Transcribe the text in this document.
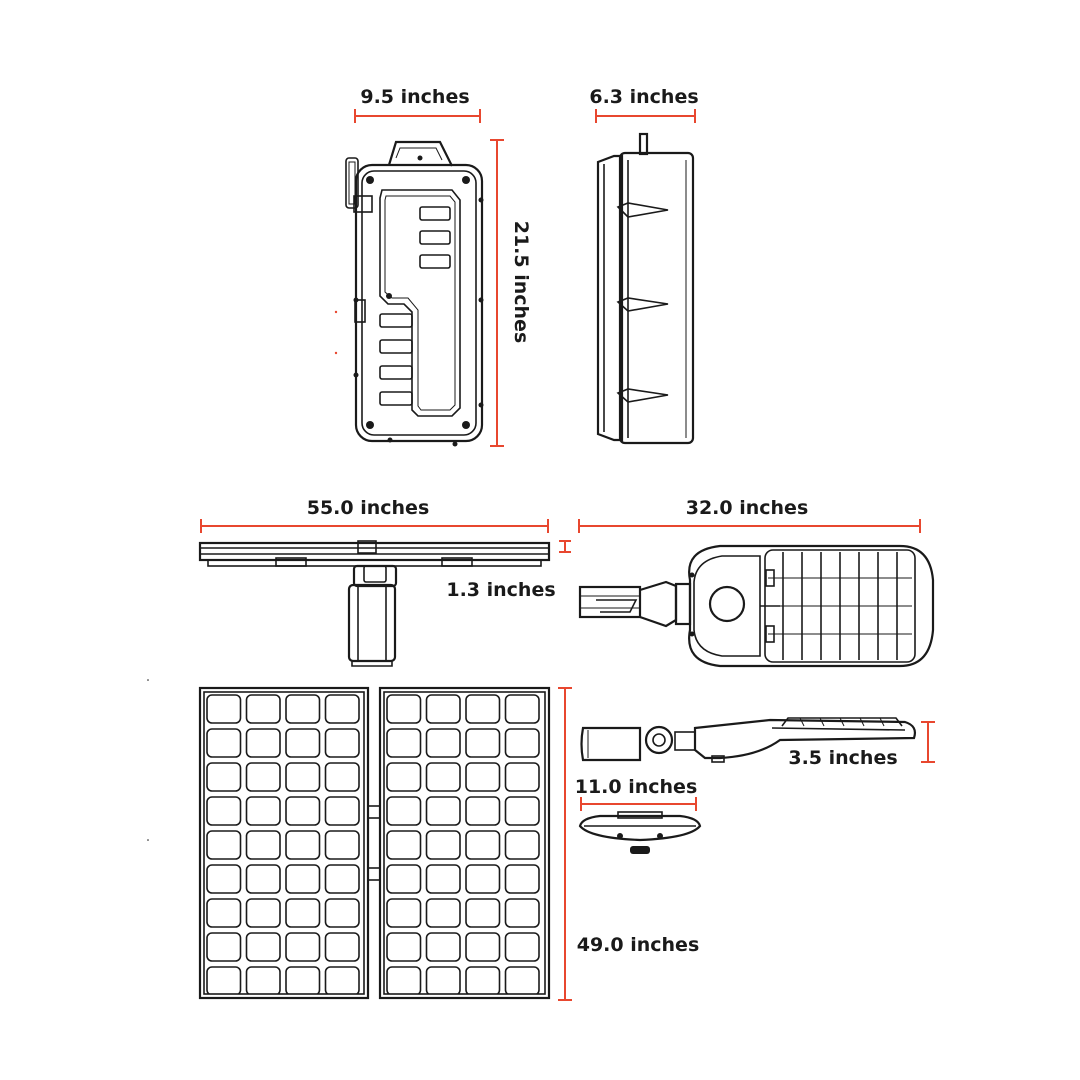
9.5 inches	6.3 inches
21.5 inches
55.0 inches
1.3 inches
49.0 inches
32.0 inches
3.5 inches
11.0 inches
